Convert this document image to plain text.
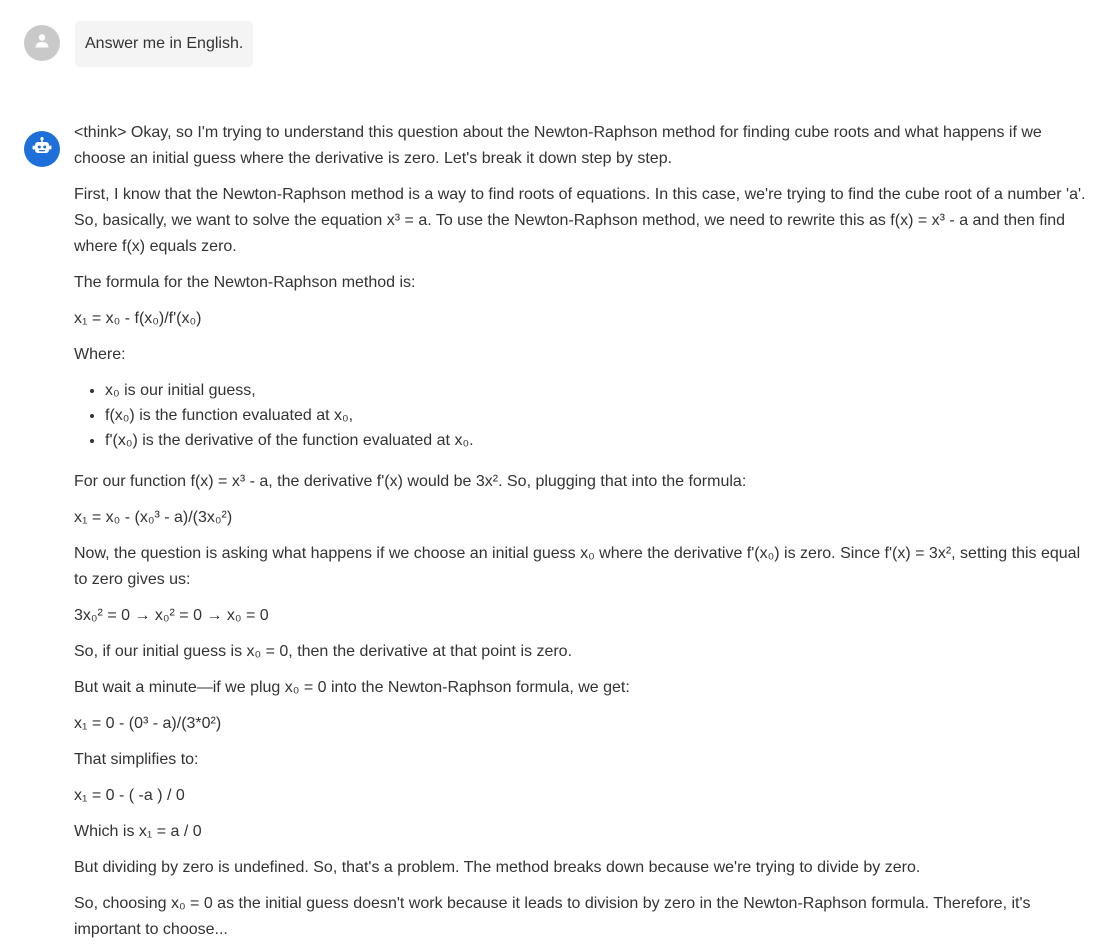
Answer me in English.

<think> Okay, so I'm trying to understand this question about the Newton-Raphson method for finding cube roots and what happens if we choose an initial guess where the derivative is zero. Let's break it down step by step.

First, I know that the Newton-Raphson method is a way to find roots of equations. In this case, we're trying to find the cube root of a number 'a'. So, basically, we want to solve the equation x³ = a. To use the Newton-Raphson method, we need to rewrite this as f(x) = x³ - a and then find where f(x) equals zero.

The formula for the Newton-Raphson method is:

x₁ = x₀ - f(x₀)/f'(x₀)

Where:

• x₀ is our initial guess,
• f(x₀) is the function evaluated at x₀,
• f'(x₀) is the derivative of the function evaluated at x₀.

For our function f(x) = x³ - a, the derivative f'(x) would be 3x². So, plugging that into the formula:

x₁ = x₀ - (x₀³ - a)/(3x₀²)

Now, the question is asking what happens if we choose an initial guess x₀ where the derivative f'(x₀) is zero. Since f'(x) = 3x², setting this equal to zero gives us:

3x₀² = 0 → x₀² = 0 → x₀ = 0

So, if our initial guess is x₀ = 0, then the derivative at that point is zero.

But wait a minute—if we plug x₀ = 0 into the Newton-Raphson formula, we get:

x₁ = 0 - (0³ - a)/(3*0²)

That simplifies to:

x₁ = 0 - ( -a ) / 0

Which is x₁ = a / 0

But dividing by zero is undefined. So, that's a problem. The method breaks down because we're trying to divide by zero.

So, choosing x₀ = 0 as the initial guess doesn't work because it leads to division by zero in the Newton-Raphson formula. Therefore, it's important to choose...
